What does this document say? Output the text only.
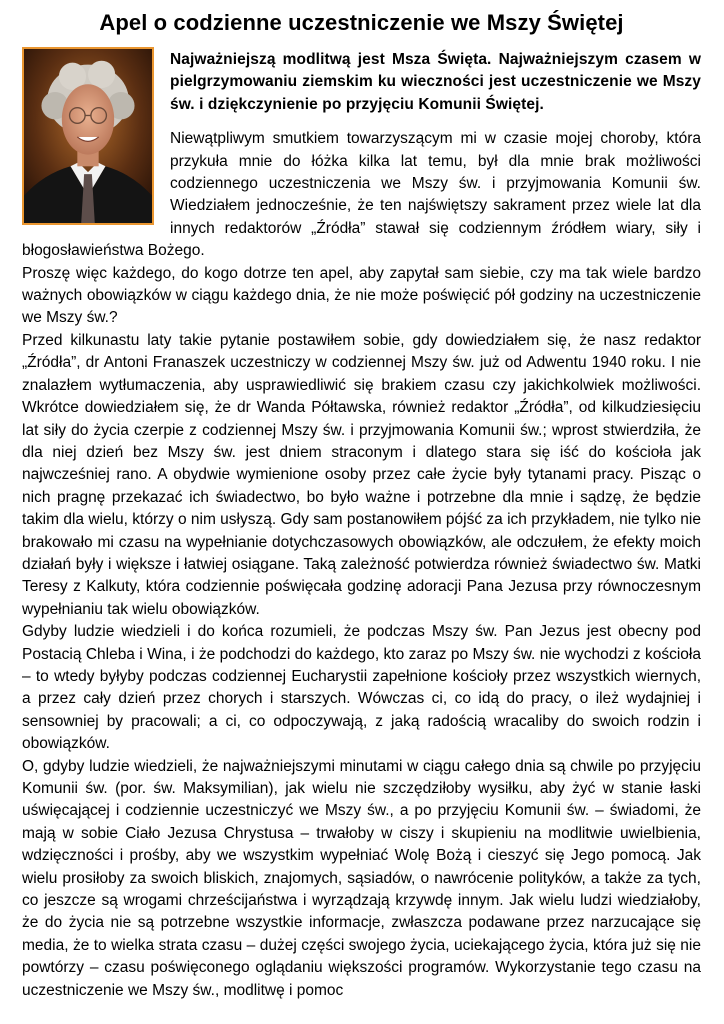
Apel o codzienne uczestniczenie we Mszy Świętej

Najważniejszą modlitwą jest Msza Święta. Najważniejszym czasem w pielgrzymowaniu ziemskim ku wieczności jest uczestniczenie we Mszy św. i dziękczynienie po przyjęciu Komunii Świętej.

Niewątpliwym smutkiem towarzyszącym mi w czasie mojej choroby, która przykuła mnie do łóżka kilka lat temu, był dla mnie brak możliwości codziennego uczestniczenia we Mszy św. i przyjmowania Komunii św. Wiedziałem jednocześnie, że ten najświętszy sakrament przez wiele lat dla innych redaktorów „Źródła” stawał się codziennym źródłem wiary, siły i błogosławieństwa Bożego.

Proszę więc każdego, do kogo dotrze ten apel, aby zapytał sam siebie, czy ma tak wiele bardzo ważnych obowiązków w ciągu każdego dnia, że nie może poświęcić pół godziny na uczestniczenie we Mszy św.?

Przed kilkunastu laty takie pytanie postawiłem sobie, gdy dowiedziałem się, że nasz redaktor „Źródła”, dr Antoni Franaszek uczestniczy w codziennej Mszy św. już od Adwentu 1940 roku. I nie znalazłem wytłumaczenia, aby usprawiedliwić się brakiem czasu czy jakichkolwiek możliwości. Wkrótce dowiedziałem się, że dr Wanda Półtawska, również redaktor „Źródła”, od kilkudziesięciu lat siły do życia czerpie z codziennej Mszy św. i przyjmowania Komunii św.; wprost stwierdziła, że dla niej dzień bez Mszy św. jest dniem straconym i dlatego stara się iść do kościoła jak najwcześniej rano. A obydwie wymienione osoby przez całe życie były tytanami pracy. Pisząc o nich pragnę przekazać ich świadectwo, bo było ważne i potrzebne dla mnie i sądzę, że będzie takim dla wielu, którzy o nim usłyszą. Gdy sam postanowiłem pójść za ich przykładem, nie tylko nie brakowało mi czasu na wypełnianie dotychczasowych obowiązków, ale odczułem, że efekty moich działań były i większe i łatwiej osiągane. Taką zależność potwierdza również świadectwo św. Matki Teresy z Kalkuty, która codziennie poświęcała godzinę adoracji Pana Jezusa przy równoczesnym wypełnianiu tak wielu obowiązków.

Gdyby ludzie wiedzieli i do końca rozumieli, że podczas Mszy św. Pan Jezus jest obecny pod Postacią Chleba i Wina, i że podchodzi do każdego, kto zaraz po Mszy św. nie wychodzi z kościoła – to wtedy byłyby podczas codziennej Eucharystii zapełnione kościoły przez wszystkich wiernych, a przez cały dzień przez chorych i starszych. Wówczas ci, co idą do pracy, o ileż wydajniej i sensowniej by pracowali; a ci, co odpoczywają, z jaką radością wracaliby do swoich rodzin i obowiązków.

O, gdyby ludzie wiedzieli, że najważniejszymi minutami w ciągu całego dnia są chwile po przyjęciu Komunii św. (por. św. Maksymilian), jak wielu nie szczędziłoby wysiłku, aby żyć w stanie łaski uświęcającej i codziennie uczestniczyć we Mszy św., a po przyjęciu Komunii św. – świadomi, że mają w sobie Ciało Jezusa Chrystusa – trwałoby w ciszy i skupieniu na modlitwie uwielbienia, wdzięczności i prośby, aby we wszystkim wypełniać Wolę Bożą i cieszyć się Jego pomocą. Jak wielu prosiłoby za swoich bliskich, znajomych, sąsiadów, o nawrócenie polityków, a także za tych, co jeszcze są wrogami chrześcijaństwa i wyrządzają krzywdę innym. Jak wielu ludzi wiedziałoby, że do życia nie są potrzebne wszystkie informacje, zwłaszcza podawane przez narzucające się media, że to wielka strata czasu – dużej części swojego życia, uciekającego życia, która już się nie powtórzy – czasu poświęconego oglądaniu większości programów. Wykorzystanie tego czasu na uczestniczenie we Mszy św., modlitwę i pomoc
